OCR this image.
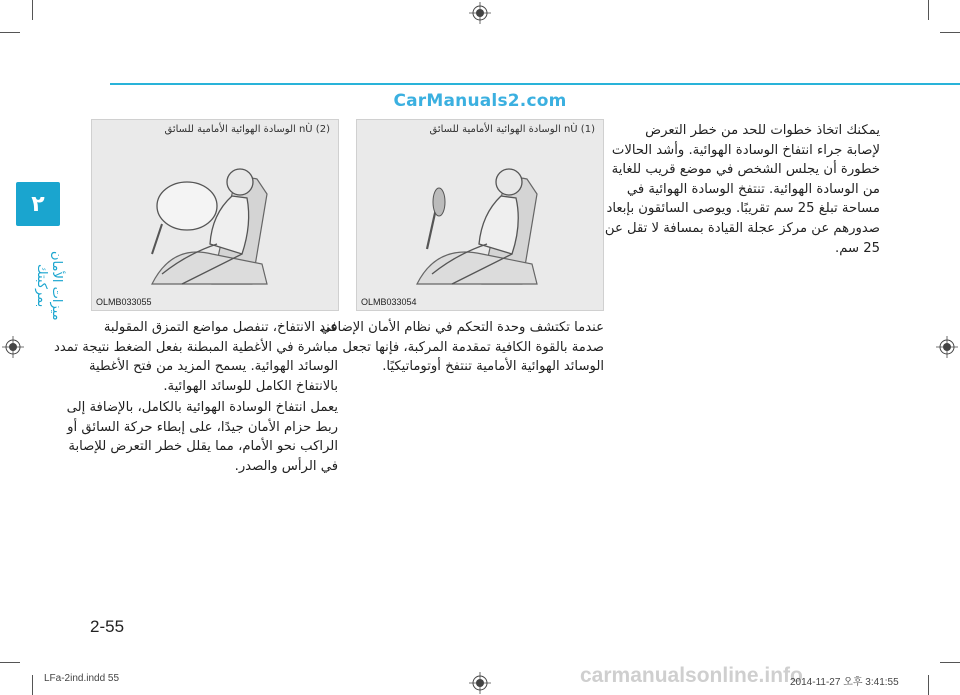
CarManuals2.com
٢
ميزات الأمان بمركبتك
(2) nÙ الوسادة الهوائية الأمامية للسائق
OLMB033055
(1) nÙ الوسادة الهوائية الأمامية للسائق
OLMB033054
يمكنك اتخاذ خطوات للحد من خطر التعرض
لإصابة جراء انتفاخ الوسادة الهوائية. وأشد الحالات
خطورة أن يجلس الشخص في موضع قريب للغاية
من الوسادة الهوائية. تنتفخ الوسادة الهوائية في
مساحة تبلغ 25 سم تقريبًا. ويوصى السائقون بإبعاد
صدورهم عن مركز عجلة القيادة بمسافة لا تقل عن
25 سم.
عندما تكتشف وحدة التحكم في نظام الأمان الإضافي
صدمة بالقوة الكافية تمقدمة المركبة، فإنها تجعل
الوسائد الهوائية الأمامية تنتفخ أوتوماتيكيًا.
عند الانتفاخ، تنفصل مواضع التمزق المقولبة
مباشرة في الأغطية المبطنة بفعل الضغط نتيجة تمدد
الوسائد الهوائية. يسمح المزيد من فتح الأغطية
بالانتفاخ الكامل للوسائد الهوائية.
يعمل انتفاخ الوسادة الهوائية بالكامل، بالإضافة إلى
ربط حزام الأمان جيدًا، على إبطاء حركة السائق أو
الراكب نحو الأمام، مما يقلل خطر التعرض للإصابة
في الرأس والصدر.
2-55
carmanualsonline.info
LFa-2ind.indd 55	2014-11-27 오후 3:41:55
